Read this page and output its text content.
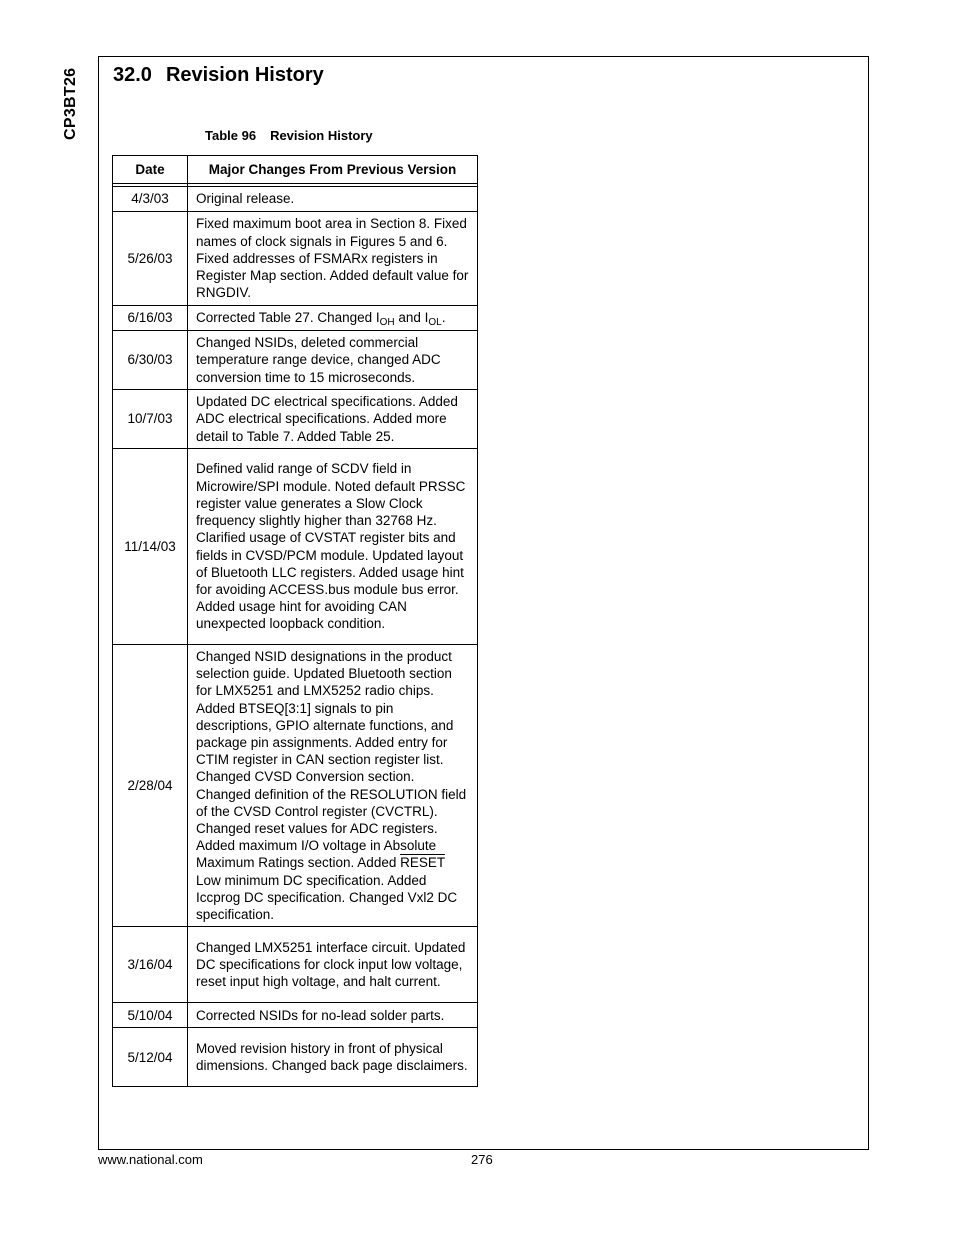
CP3BT26	32.0 Revision History
Table 96 Revision History
Date	Major Changes From Previous Version

4/3/03	Original release.
5/26/03	Fixed maximum boot area in Section 8. Fixed names of clock signals in Figures 5 and 6. Fixed addresses of FSMARx registers in Register Map section. Added default value for RNGDIV.
6/16/03	Corrected Table 27. Changed $I_{OH}$ and $I_{OL}$.
6/30/03	Changed NSIDs, deleted commercial temperature range device, changed ADC conversion time to 15 microseconds.
10/7/03	Updated DC electrical specifications. Added ADC electrical specifications. Added more detail to Table 7. Added Table 25.
11/14/03	Defined valid range of SCDV field in Microwire/SPI module. Noted default PRSSC register value generates a Slow Clock frequency slightly higher than 32768 Hz. Clarified usage of CVSTAT register bits and fields in CVSD/PCM module. Updated layout of Bluetooth LLC registers. Added usage hint for avoiding ACCESS.bus module bus error. Added usage hint for avoiding CAN unexpected loopback condition.
2/28/04	Changed NSID designations in the product selection guide. Updated Bluetooth section for LMX5251 and LMX5252 radio chips. Added BTSEQ[3:1] signals to pin descriptions, GPIO alternate functions, and package pin assignments. Added entry for CTIM register in CAN section register list. Changed CVSD Conversion section. Changed definition of the RESOLUTION field of the CVSD Control register (CVCTRL). Changed reset values for ADC registers. Added maximum I/O voltage in Absolute Maximum Ratings section. Added RESET Low minimum DC specification. Added Iccprog DC specification. Changed Vxl2 DC specification.
3/16/04	Changed LMX5251 interface circuit. Updated DC specifications for clock input low voltage, reset input high voltage, and halt current.
5/10/04	Corrected NSIDs for no-lead solder parts.
5/12/04	Moved revision history in front of physical dimensions. Changed back page disclaimers.
www.national.com	276
